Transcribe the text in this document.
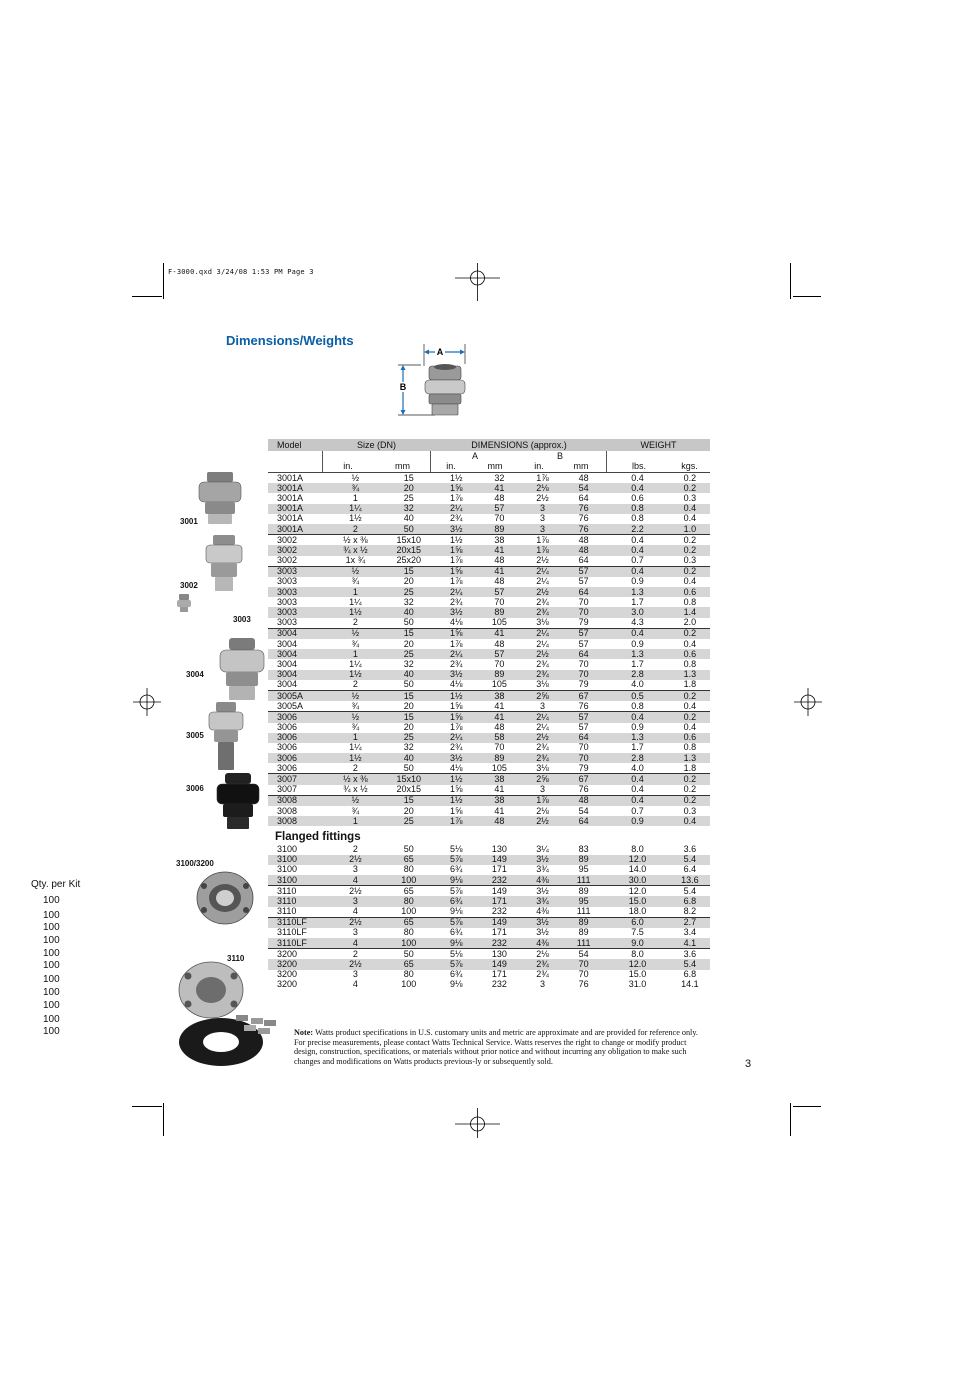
F-3000.qxd 3/24/08 1:53 PM Page 3
Dimensions/Weights
A
B
Model	Size (DN)	DIMENSIONS (approx.)	WEIGHT
A	B
in.	mm	in.	mm	in.	mm	lbs.	kgs.
3001A	½	15	1½	32	1⅞	48	0.4	0.2
3001A	¾	20	1⅝	41	2⅛	54	0.4	0.2
3001A	1	25	1⅞	48	2½	64	0.6	0.3
3001A	1¼	32	2¼	57	3	76	0.8	0.4
3001A	1½	40	2¾	70	3	76	0.8	0.4
3001A	2	50	3½	89	3	76	2.2	1.0
3002	½ x ⅜	15x10	1½	38	1⅞	48	0.4	0.2
3002	¾ x ½	20x15	1⅝	41	1⅞	48	0.4	0.2
3002	1x ¾	25x20	1⅞	48	2½	64	0.7	0.3
3003	½	15	1⅝	41	2¼	57	0.4	0.2
3003	¾	20	1⅞	48	2¼	57	0.9	0.4
3003	1	25	2¼	57	2½	64	1.3	0.6
3003	1¼	32	2¾	70	2¾	70	1.7	0.8
3003	1½	40	3½	89	2¾	70	3.0	1.4
3003	2	50	4⅛	105	3⅛	79	4.3	2.0
3004	½	15	1⅝	41	2¼	57	0.4	0.2
3004	¾	20	1⅞	48	2¼	57	0.9	0.4
3004	1	25	2¼	57	2½	64	1.3	0.6
3004	1¼	32	2¾	70	2¾	70	1.7	0.8
3004	1½	40	3½	89	2¾	70	2.8	1.3
3004	2	50	4⅛	105	3⅛	79	4.0	1.8
3005A	½	15	1½	38	2⅝	67	0.5	0.2
3005A	¾	20	1⅝	41	3	76	0.8	0.4
3006	½	15	1⅝	41	2¼	57	0.4	0.2
3006	¾	20	1⅞	48	2¼	57	0.9	0.4
3006	1	25	2¼	58	2½	64	1.3	0.6
3006	1¼	32	2¾	70	2¾	70	1.7	0.8
3006	1½	40	3½	89	2¾	70	2.8	1.3
3006	2	50	4⅛	105	3⅛	79	4.0	1.8
3007	½ x ⅜	15x10	1½	38	2⅝	67	0.4	0.2
3007	¾ x ½	20x15	1⅝	41	3	76	0.4	0.2
3008	½	15	1½	38	1⅞	48	0.4	0.2
3008	¾	20	1⅝	41	2⅛	54	0.7	0.3
3008	1	25	1⅞	48	2½	64	0.9	0.4
Flanged fittings
3100	2	50	5⅛	130	3¼	83	8.0	3.6
3100	2½	65	5⅞	149	3½	89	12.0	5.4
3100	3	80	6¾	171	3¾	95	14.0	6.4
3100	4	100	9⅛	232	4⅜	111	30.0	13.6
3110	2½	65	5⅞	149	3½	89	12.0	5.4
3110	3	80	6¾	171	3¾	95	15.0	6.8
3110	4	100	9⅛	232	4⅜	111	18.0	8.2
3110LF	2½	65	5⅞	149	3½	89	6.0	2.7
3110LF	3	80	6¾	171	3½	89	7.5	3.4
3110LF	4	100	9⅛	232	4⅜	111	9.0	4.1
3200	2	50	5⅛	130	2⅛	54	8.0	3.6
3200	2½	65	5⅞	149	2¾	70	12.0	5.4
3200	3	80	6¾	171	2¾	70	15.0	6.8
3200	4	100	9⅛	232	3	76	31.0	14.1
3001
3002
3003
3004
3005
3006
3100/3200
3110
Qty. per Kit
100
100
100
100
100
100
100
100
100
100
100	Note: Watts product specifications in U.S. customary units and metric are approximate and are provided for reference only. For precise measurements, please contact Watts Technical Service. Watts reserves the right to change or modify product design, construction, specifications, or materials without prior notice and without incurring any obligation to make such changes and modifications on Watts products previous-ly or subsequently sold.	3
